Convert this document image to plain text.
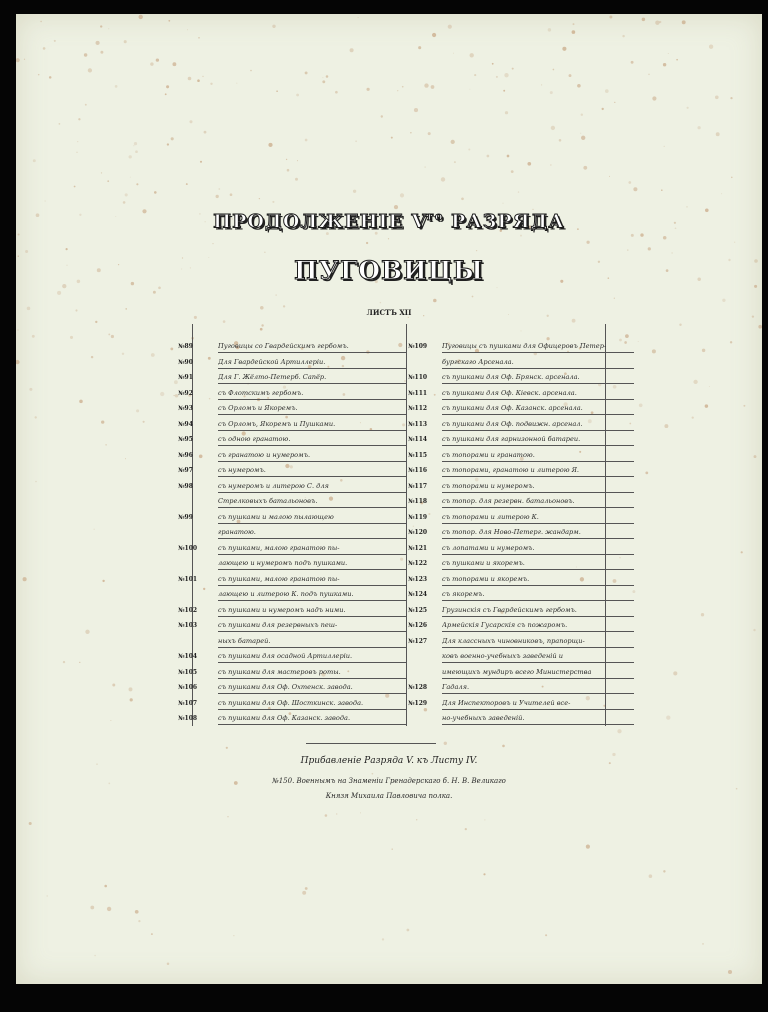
ПРОДОЛЖЕНІЕ $V^{го}$ РАЗРЯДА
ПУГОВИЦЫ
ЛИСТЪ XII
№89	Пуговицы со Гвардейскимъ гербомъ.
№90	Для Гвардейской Артиллеріи.
№91	Для Г. Жёлто-Петерб. Сапёр.
№92	съ Флотскимъ гербомъ.
№93	съ Орломъ и Якоремъ.
№94	съ Орломъ, Якоремъ и Пушками.
№95	съ одною гранатою.
№96	съ гранатою и нумеромъ.
№97	съ нумеромъ.
№98	съ нумеромъ и литерою С. для
Стрелковыхъ батальоновъ.
№99	съ пушками и малою пылающею
гранатою.
№100	съ пушками, малою гранатою пы-
лающею и нумеромъ подъ пушками.
№101	съ пушками, малою гранатою пы-
лающею и литерою К. подъ пушками.
№102	съ пушками и нумеромъ надъ ними.
№103	съ пушками для резервныхъ пеш-
ныхъ батарей.
№104	съ пушками для осадной Артиллеріи.
№105	съ пушками для мастеровъ роты.
№106	съ пушками для Оф. Охтенск. завода.
№107	съ пушками для Оф. Шосткинск. завода.
№108	съ пушками для Оф. Казанск. завода.
№109 Пуговицы съ пушками для Офицеровъ Петер-
бургскаго Арсенала.
№110 съ пушками для Оф. Брянск. арсенала.
№111 съ пушками для Оф. Кіевск. арсенала.
№112 съ пушками для Оф. Казанск. арсенала.
№113 съ пушками для Оф. подвижн. арсенал.
№114 съ пушками для гарнизонной батареи.
№115 съ топорами и гранатою.
№116 съ топорами, гранатою и литерою Я.
№117 съ топорами и нумеромъ.
№118 съ топор. для резервн. батальоновъ.
№119 съ топорами и литерою К.
№120 съ топор. для Ново-Петерг. жандарм.
№121 съ лопатами и нумеромъ.
№122 съ пушками и якоремъ.
№123 съ топорами и якоремъ.
№124 съ якоремъ.
№125 Грузинскія съ Гвардейскимъ гербомъ.
№126 Армейскія Гусарскія съ пожаромъ.
№127 Для классныхъ чиновниковъ, прапорщи-
ковъ военно-учебныхъ заведеній и
имеющихъ мундиръ всего Министерства
№128 Гадаля.
№129 Для Инспекторовъ и Учителей все-
но-учебныхъ заведеній.
Прибавленіе Разряда V. къ Листу IV.
№150. Военнымъ на Знаменіи Гренадерскаго б. Н. В. Великаго
Князя Михаила Павловича полка.
